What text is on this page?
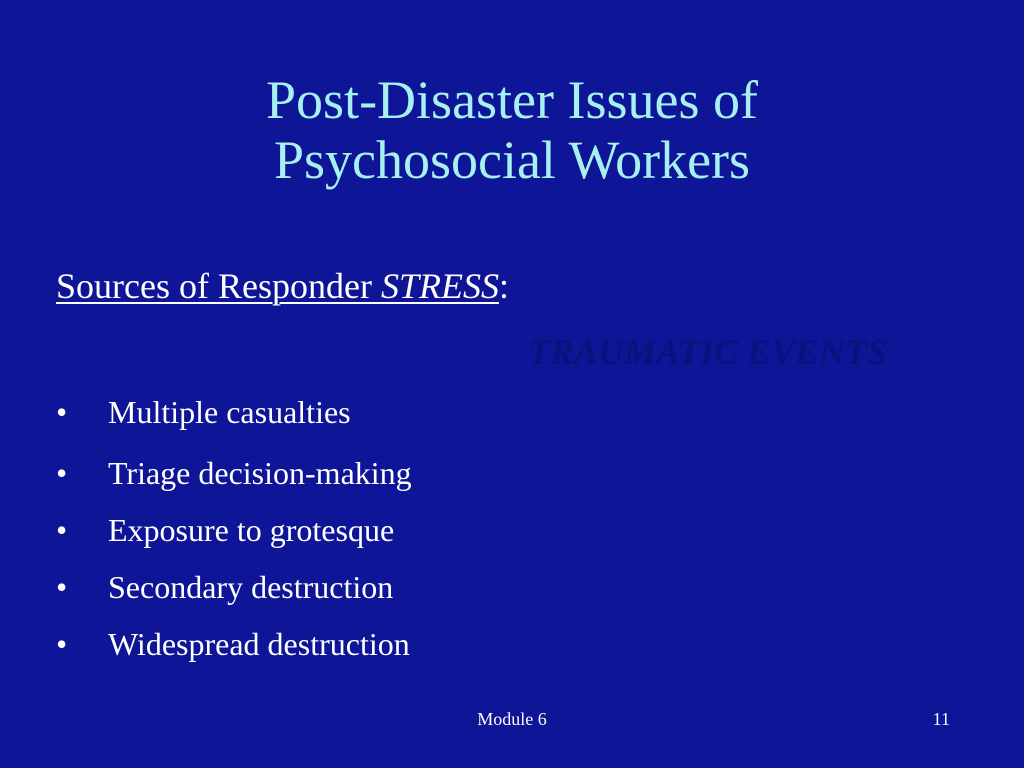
Post-Disaster Issues of
Psychosocial Workers
Sources of Responder STRESS:
TRAUMATIC EVENTS
• Multiple casualties
• Triage decision-making
• Exposure to grotesque
• Secondary destruction
• Widespread destruction
Module 6	11
